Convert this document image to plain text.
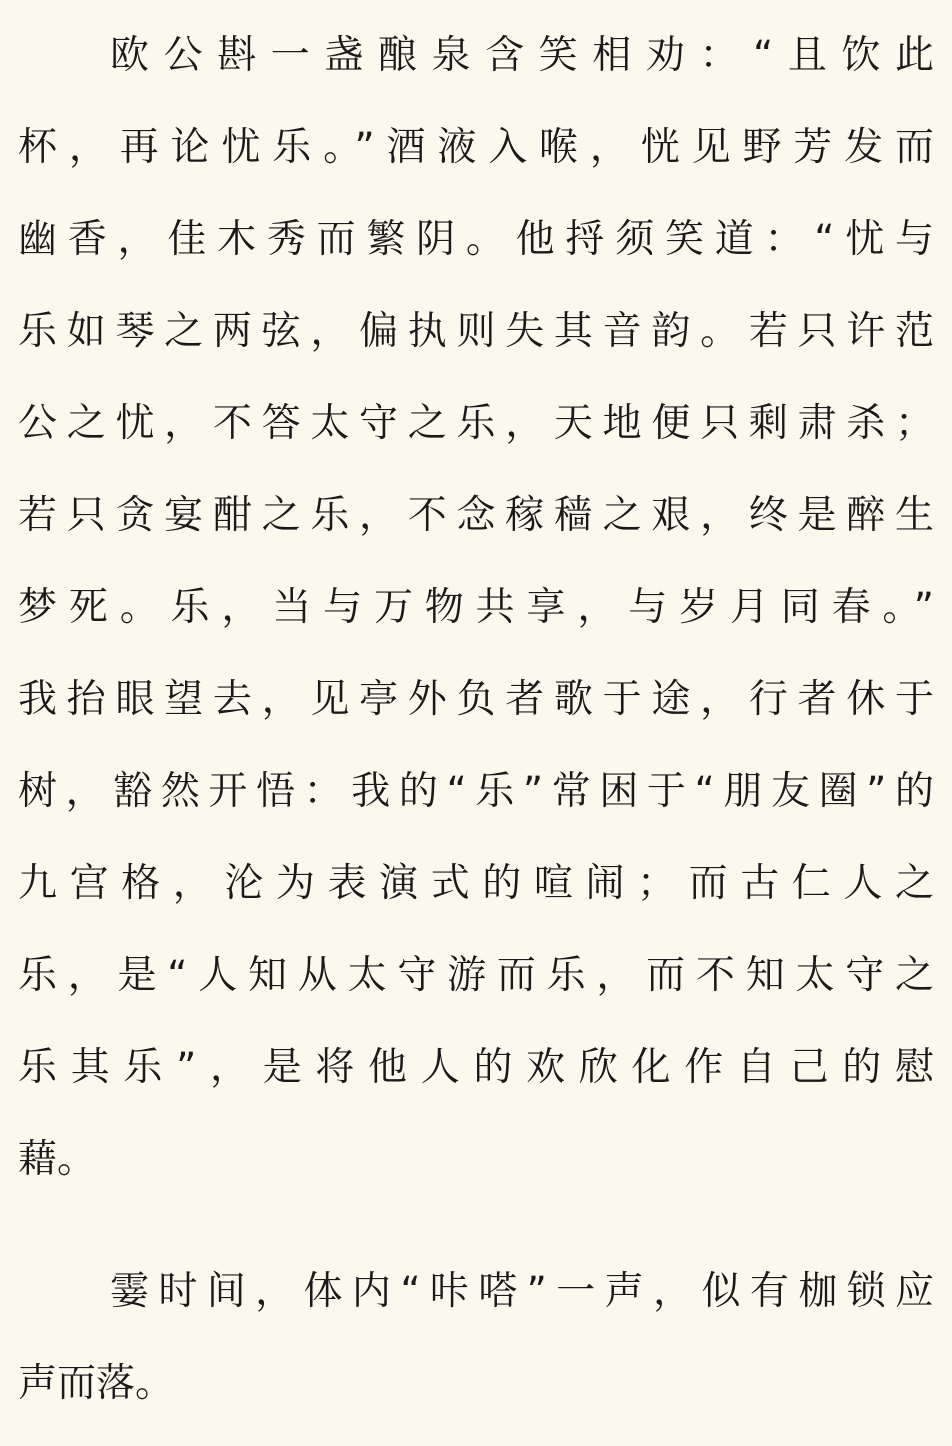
欧公斟一盏酿泉含笑相劝：“且饮此
杯，再论忧乐。”酒液入喉，恍见野芳发而
幽香，佳木秀而繁阴。他捋须笑道：“忧与
乐如琴之两弦，偏执则失其音韵。若只许范
公之忧，不答太守之乐，天地便只剩肃杀；
若只贪宴酣之乐，不念稼穑之艰，终是醉生
梦死。乐，当与万物共享，与岁月同春。”
我抬眼望去，见亭外负者歌于途，行者休于
树，豁然开悟：我的“乐”常困于“朋友圈”的
九宫格，沦为表演式的喧闹；而古仁人之
乐，是“人知从太守游而乐，而不知太守之
乐其乐”，是将他人的欢欣化作自己的慰
藉。
霎时间，体内“咔嗒”一声，似有枷锁应
声而落。
